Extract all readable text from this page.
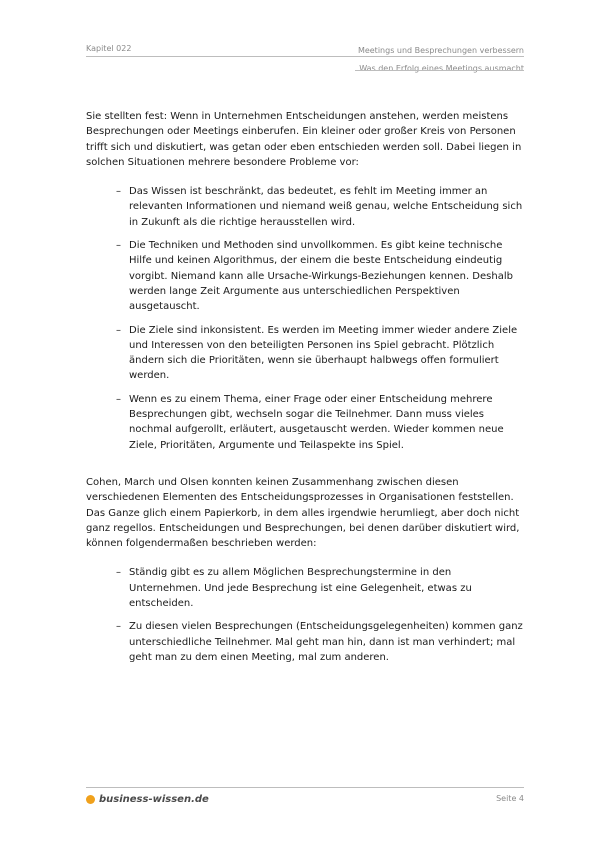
Kapitel 022	Meetings und Besprechungen verbessern
Was den Erfolg eines Meetings ausmacht

Sie stellten fest: Wenn in Unternehmen Entscheidungen anstehen, werden meistens Besprechungen oder Meetings einberufen. Ein kleiner oder großer Kreis von Personen trifft sich und diskutiert, was getan oder eben entschieden werden soll. Dabei liegen in solchen Situationen mehrere besondere Probleme vor:

– Das Wissen ist beschränkt, das bedeutet, es fehlt im Meeting immer an relevanten Informationen und niemand weiß genau, welche Entscheidung sich in Zukunft als die richtige herausstellen wird.
– Die Techniken und Methoden sind unvollkommen. Es gibt keine technische Hilfe und keinen Algorithmus, der einem die beste Entscheidung eindeutig vorgibt. Niemand kann alle Ursache-Wirkungs-Beziehungen kennen. Deshalb werden lange Zeit Argumente aus unterschiedlichen Perspektiven ausgetauscht.
– Die Ziele sind inkonsistent. Es werden im Meeting immer wieder andere Ziele und Interessen von den beteiligten Personen ins Spiel gebracht. Plötzlich ändern sich die Prioritäten, wenn sie überhaupt halbwegs offen formuliert werden.
– Wenn es zu einem Thema, einer Frage oder einer Entscheidung mehrere Besprechungen gibt, wechseln sogar die Teilnehmer. Dann muss vieles nochmal aufgerollt, erläutert, ausgetauscht werden. Wieder kommen neue Ziele, Prioritäten, Argumente und Teilaspekte ins Spiel.

Cohen, March und Olsen konnten keinen Zusammenhang zwischen diesen verschiedenen Elementen des Entscheidungsprozesses in Organisationen feststellen. Das Ganze glich einem Papierkorb, in dem alles irgendwie herumliegt, aber doch nicht ganz regellos. Entscheidungen und Besprechungen, bei denen darüber diskutiert wird, können folgendermaßen beschrieben werden:

– Ständig gibt es zu allem Möglichen Besprechungstermine in den Unternehmen. Und jede Besprechung ist eine Gelegenheit, etwas zu entscheiden.
– Zu diesen vielen Besprechungen (Entscheidungsgelegenheiten) kommen ganz unterschiedliche Teilnehmer. Mal geht man hin, dann ist man verhindert; mal geht man zu dem einen Meeting, mal zum anderen.
business-wissen.de	Seite 4
